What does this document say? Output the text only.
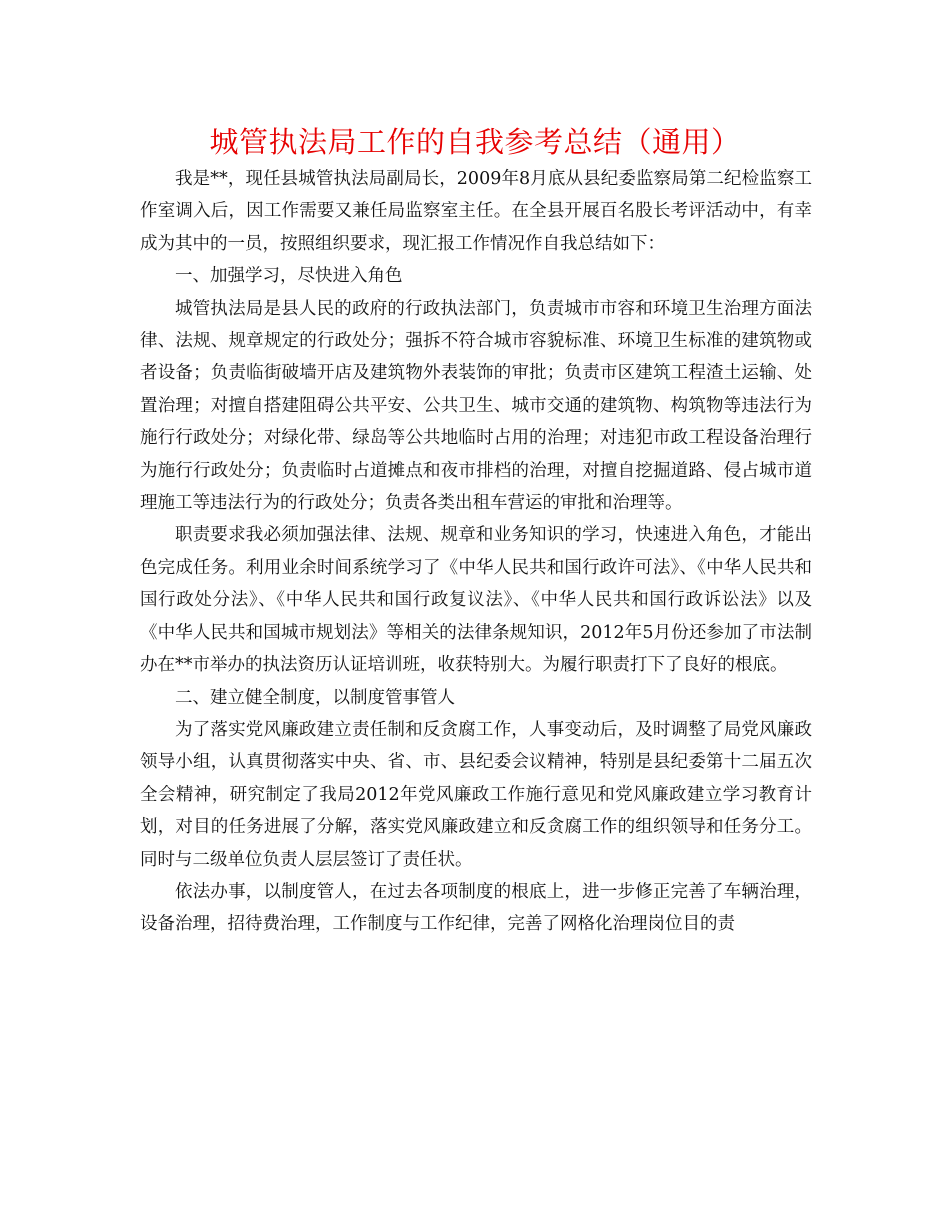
城管执法局工作的自我参考总结（通用）

我是**，现任县城管执法局副局长，2009年8月底从县纪委监察局第二纪检监察工作室调入后，因工作需要又兼任局监察室主任。在全县开展百名股长考评活动中，有幸成为其中的一员，按照组织要求，现汇报工作情况作自我总结如下：

一、加强学习，尽快进入角色

城管执法局是县人民的政府的行政执法部门，负责城市市容和环境卫生治理方面法律、法规、规章规定的行政处分；强拆不符合城市容貌标准、环境卫生标准的建筑物或者设备；负责临街破墙开店及建筑物外表装饰的审批；负责市区建筑工程渣土运输、处置治理；对擅自搭建阻碍公共平安、公共卫生、城市交通的建筑物、构筑物等违法行为施行行政处分；对绿化带、绿岛等公共地临时占用的治理；对违犯市政工程设备治理行为施行行政处分；负责临时占道摊点和夜市排档的治理，对擅自挖掘道路、侵占城市道理施工等违法行为的行政处分；负责各类出租车营运的审批和治理等。

职责要求我必须加强法律、法规、规章和业务知识的学习，快速进入角色，才能出色完成任务。利用业余时间系统学习了《中华人民共和国行政许可法》、《中华人民共和国行政处分法》、《中华人民共和国行政复议法》、《中华人民共和国行政诉讼法》以及《中华人民共和国城市规划法》等相关的法律条规知识，2012年5月份还参加了市法制办在**市举办的执法资历认证培训班，收获特别大。为履行职责打下了良好的根底。

二、建立健全制度，以制度管事管人

为了落实党风廉政建立责任制和反贪腐工作，人事变动后，及时调整了局党风廉政领导小组，认真贯彻落实中央、省、市、县纪委会议精神，特别是县纪委第十二届五次全会精神，研究制定了我局2012年党风廉政工作施行意见和党风廉政建立学习教育计划，对目的任务进展了分解，落实党风廉政建立和反贪腐工作的组织领导和任务分工。同时与二级单位负责人层层签订了责任状。

依法办事，以制度管人，在过去各项制度的根底上，进一步修正完善了车辆治理，设备治理，招待费治理，工作制度与工作纪律，完善了网格化治理岗位目的责
